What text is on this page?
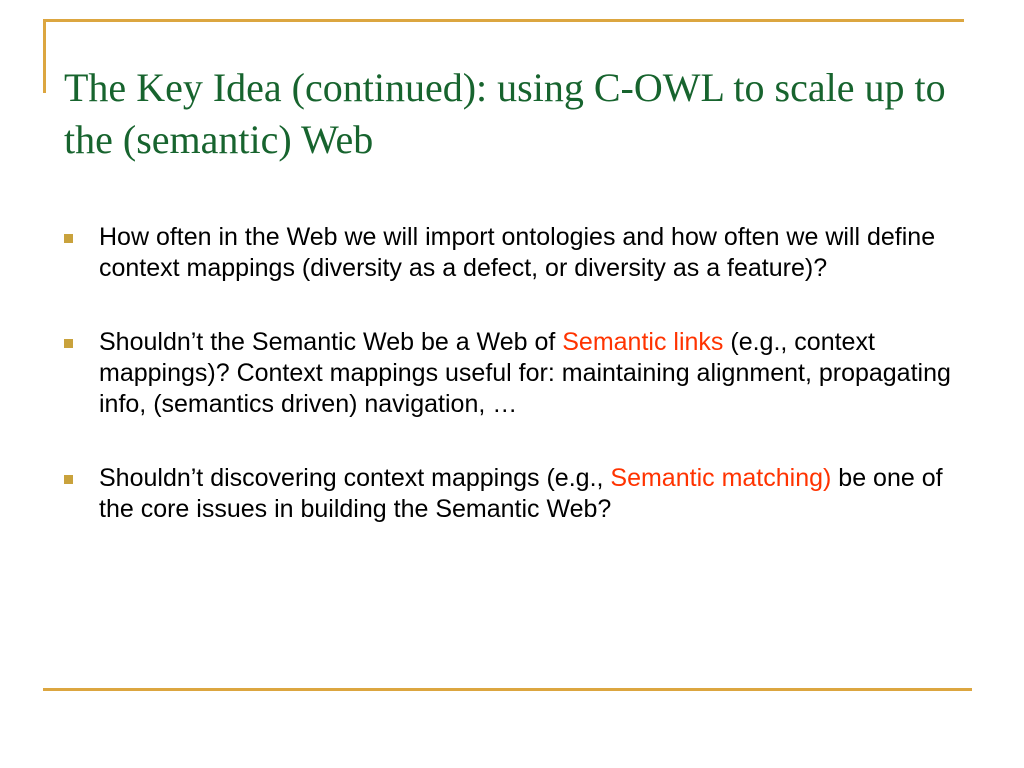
The Key Idea (continued): using C-OWL to scale up to the (semantic) Web
How often in the Web we will import ontologies and how often we will define context mappings (diversity as a defect, or diversity as a feature)?
Shouldn’t the Semantic Web be a Web of Semantic links (e.g., context mappings)? Context mappings useful for: maintaining alignment, propagating info, (semantics driven) navigation, …
Shouldn’t discovering context mappings (e.g., Semantic matching) be one of the core issues in building the Semantic Web?
